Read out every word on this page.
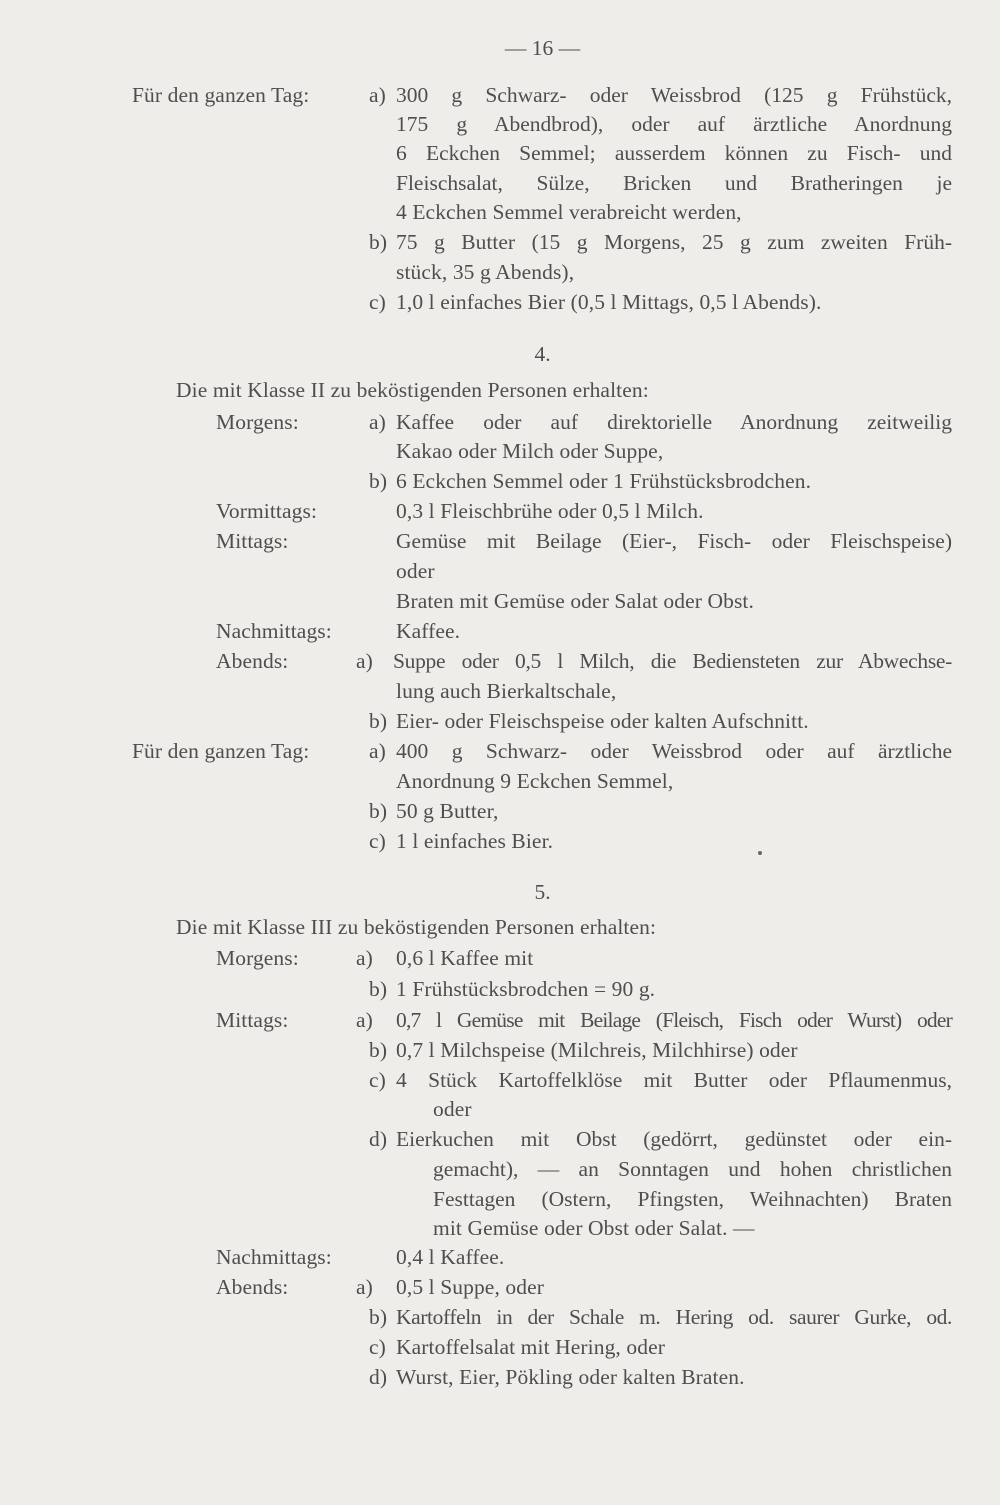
— 16 —
Für den ganzen Tag:	a) 300 g Schwarz- oder Weissbrod (125 g Frühstück,
175 g Abendbrod), oder auf ärztliche Anordnung
6 Eckchen Semmel; ausserdem können zu Fisch- und
Fleischsalat, Sülze, Bricken und Bratheringen je
4 Eckchen Semmel verabreicht werden,
b) 75 g Butter (15 g Morgens, 25 g zum zweiten Früh-
stück, 35 g Abends),
c) 1,0 l einfaches Bier (0,5 l Mittags, 0,5 l Abends).
4.
Die mit Klasse II zu beköstigenden Personen erhalten:
Morgens:	a) Kaffee oder auf direktorielle Anordnung zeitweilig
Kakao oder Milch oder Suppe,
b) 6 Eckchen Semmel oder 1 Frühstücksbrodchen.
Vormittags:	0,3 l Fleischbrühe oder 0,5 l Milch.
Mittags:	Gemüse mit Beilage (Eier-, Fisch- oder Fleischspeise)
oder
Braten mit Gemüse oder Salat oder Obst.
Nachmittags:	Kaffee.
Abends:	a) Suppe oder 0,5 l Milch, die Bediensteten zur Abwechse-
lung auch Bierkaltschale,
b) Eier- oder Fleischspeise oder kalten Aufschnitt.
Für den ganzen Tag:	a) 400 g Schwarz- oder Weissbrod oder auf ärztliche
Anordnung 9 Eckchen Semmel,
b) 50 g Butter,
c) 1 l einfaches Bier.
5.
Die mit Klasse III zu beköstigenden Personen erhalten:
Morgens:	a) 0,6 l Kaffee mit
b) 1 Frühstücksbrodchen = 90 g.
Mittags:	a) 0,7 l Gemüse mit Beilage (Fleisch, Fisch oder Wurst) oder
b) 0,7 l Milchspeise (Milchreis, Milchhirse) oder
c) 4 Stück Kartoffelklöse mit Butter oder Pflaumenmus,
oder
d) Eierkuchen mit Obst (gedörrt, gedünstet oder ein-
gemacht), — an Sonntagen und hohen christlichen
Festtagen (Ostern, Pfingsten, Weihnachten) Braten
mit Gemüse oder Obst oder Salat. —
Nachmittags:	0,4 l Kaffee.
Abends:	a) 0,5 l Suppe, oder
b) Kartoffeln in der Schale m. Hering od. saurer Gurke, od.
c) Kartoffelsalat mit Hering, oder
d) Wurst, Eier, Pökling oder kalten Braten.
